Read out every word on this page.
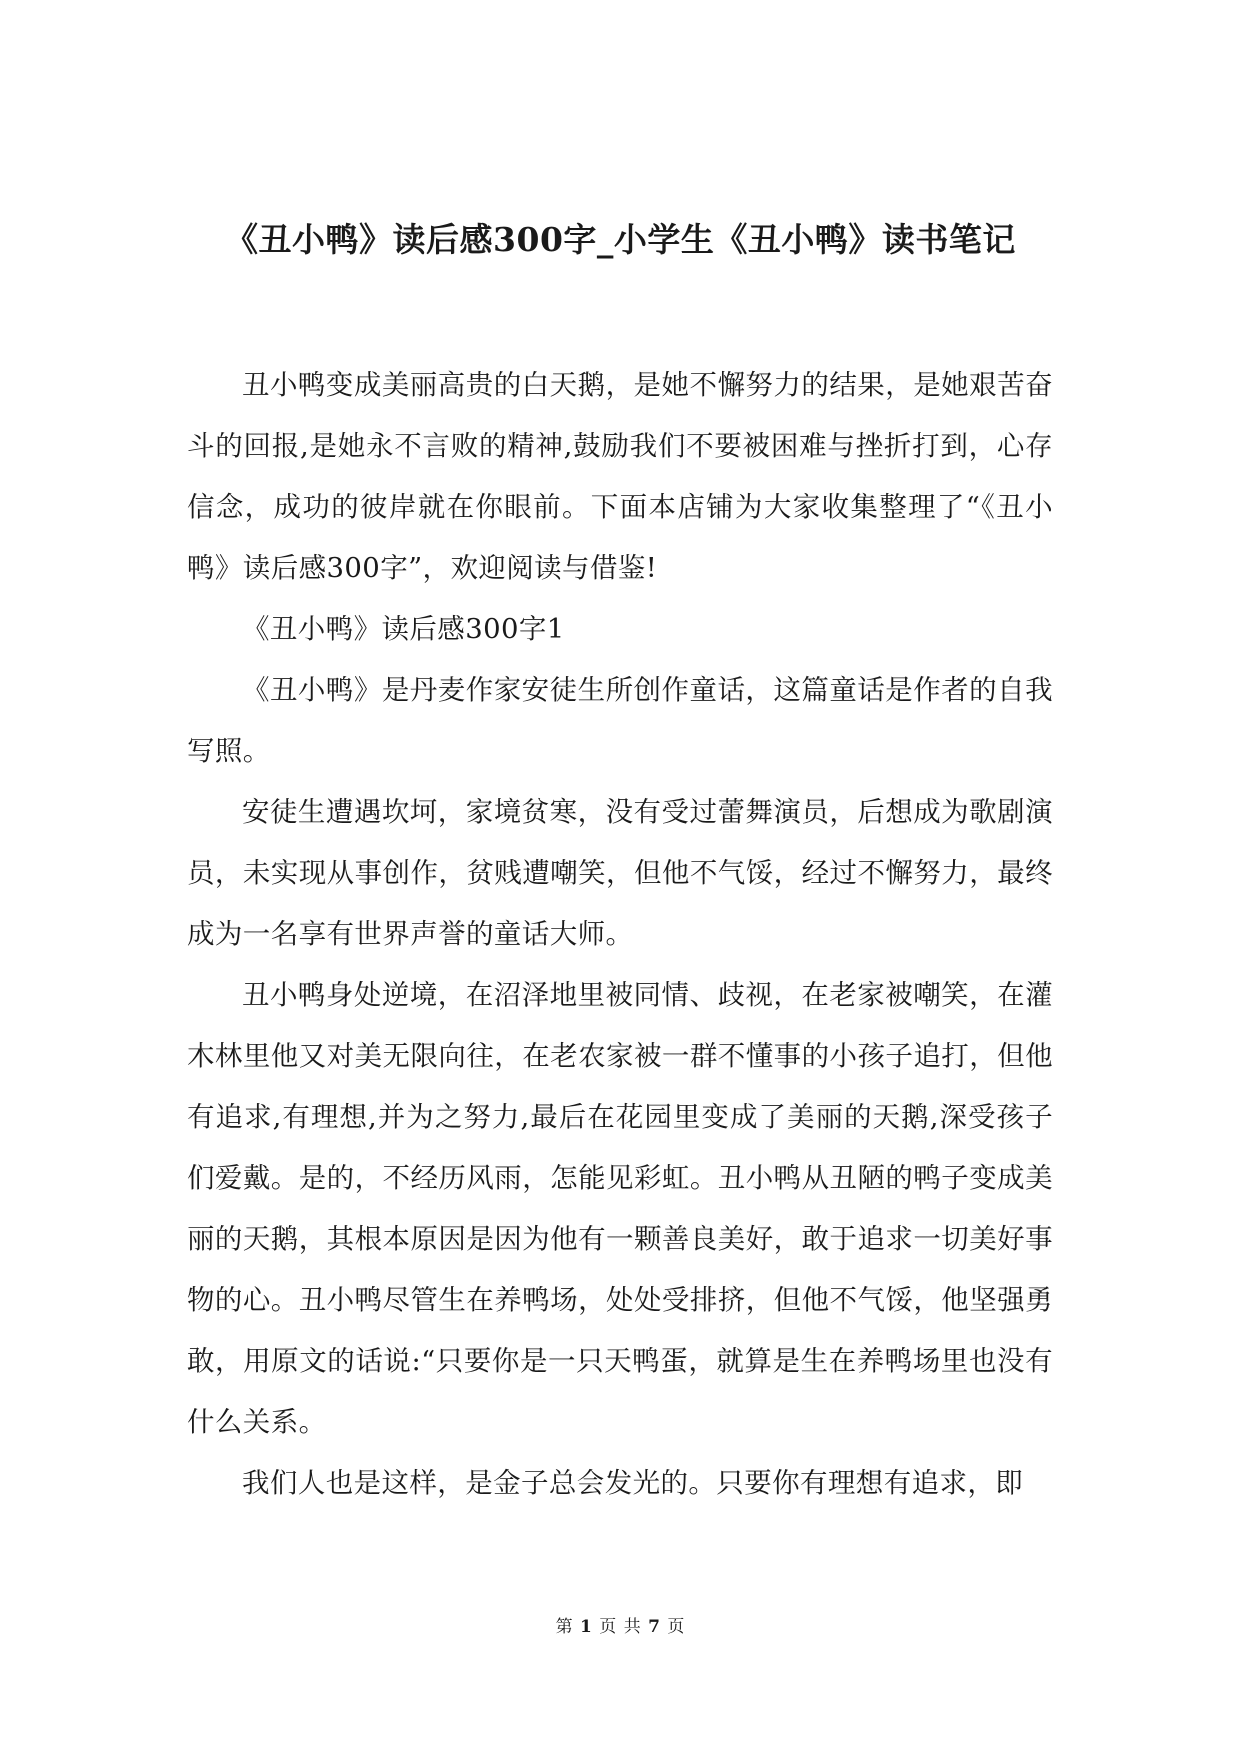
《丑小鸭》读后感300字_小学生《丑小鸭》读书笔记

丑小鸭变成美丽高贵的白天鹅，是她不懈努力的结果，是她艰苦奋斗的回报,是她永不言败的精神,鼓励我们不要被困难与挫折打到，心存信念，成功的彼岸就在你眼前。下面本店铺为大家收集整理了“《丑小鸭》读后感300字”，欢迎阅读与借鉴!

《丑小鸭》读后感300字1

《丑小鸭》是丹麦作家安徒生所创作童话，这篇童话是作者的自我写照。

安徒生遭遇坎坷，家境贫寒，没有受过蕾舞演员，后想成为歌剧演员，未实现从事创作，贫贱遭嘲笑，但他不气馁，经过不懈努力，最终成为一名享有世界声誉的童话大师。

丑小鸭身处逆境，在沼泽地里被同情、歧视，在老家被嘲笑，在灌木林里他又对美无限向往，在老农家被一群不懂事的小孩子追打，但他有追求,有理想,并为之努力,最后在花园里变成了美丽的天鹅,深受孩子们爱戴。是的，不经历风雨，怎能见彩虹。丑小鸭从丑陋的鸭子变成美丽的天鹅，其根本原因是因为他有一颗善良美好，敢于追求一切美好事物的心。丑小鸭尽管生在养鸭场，处处受排挤，但他不气馁，他坚强勇敢，用原文的话说:“只要你是一只天鸭蛋，就算是生在养鸭场里也没有什么关系。

我们人也是这样，是金子总会发光的。只要你有理想有追求，即

第 1 页 共 7 页
